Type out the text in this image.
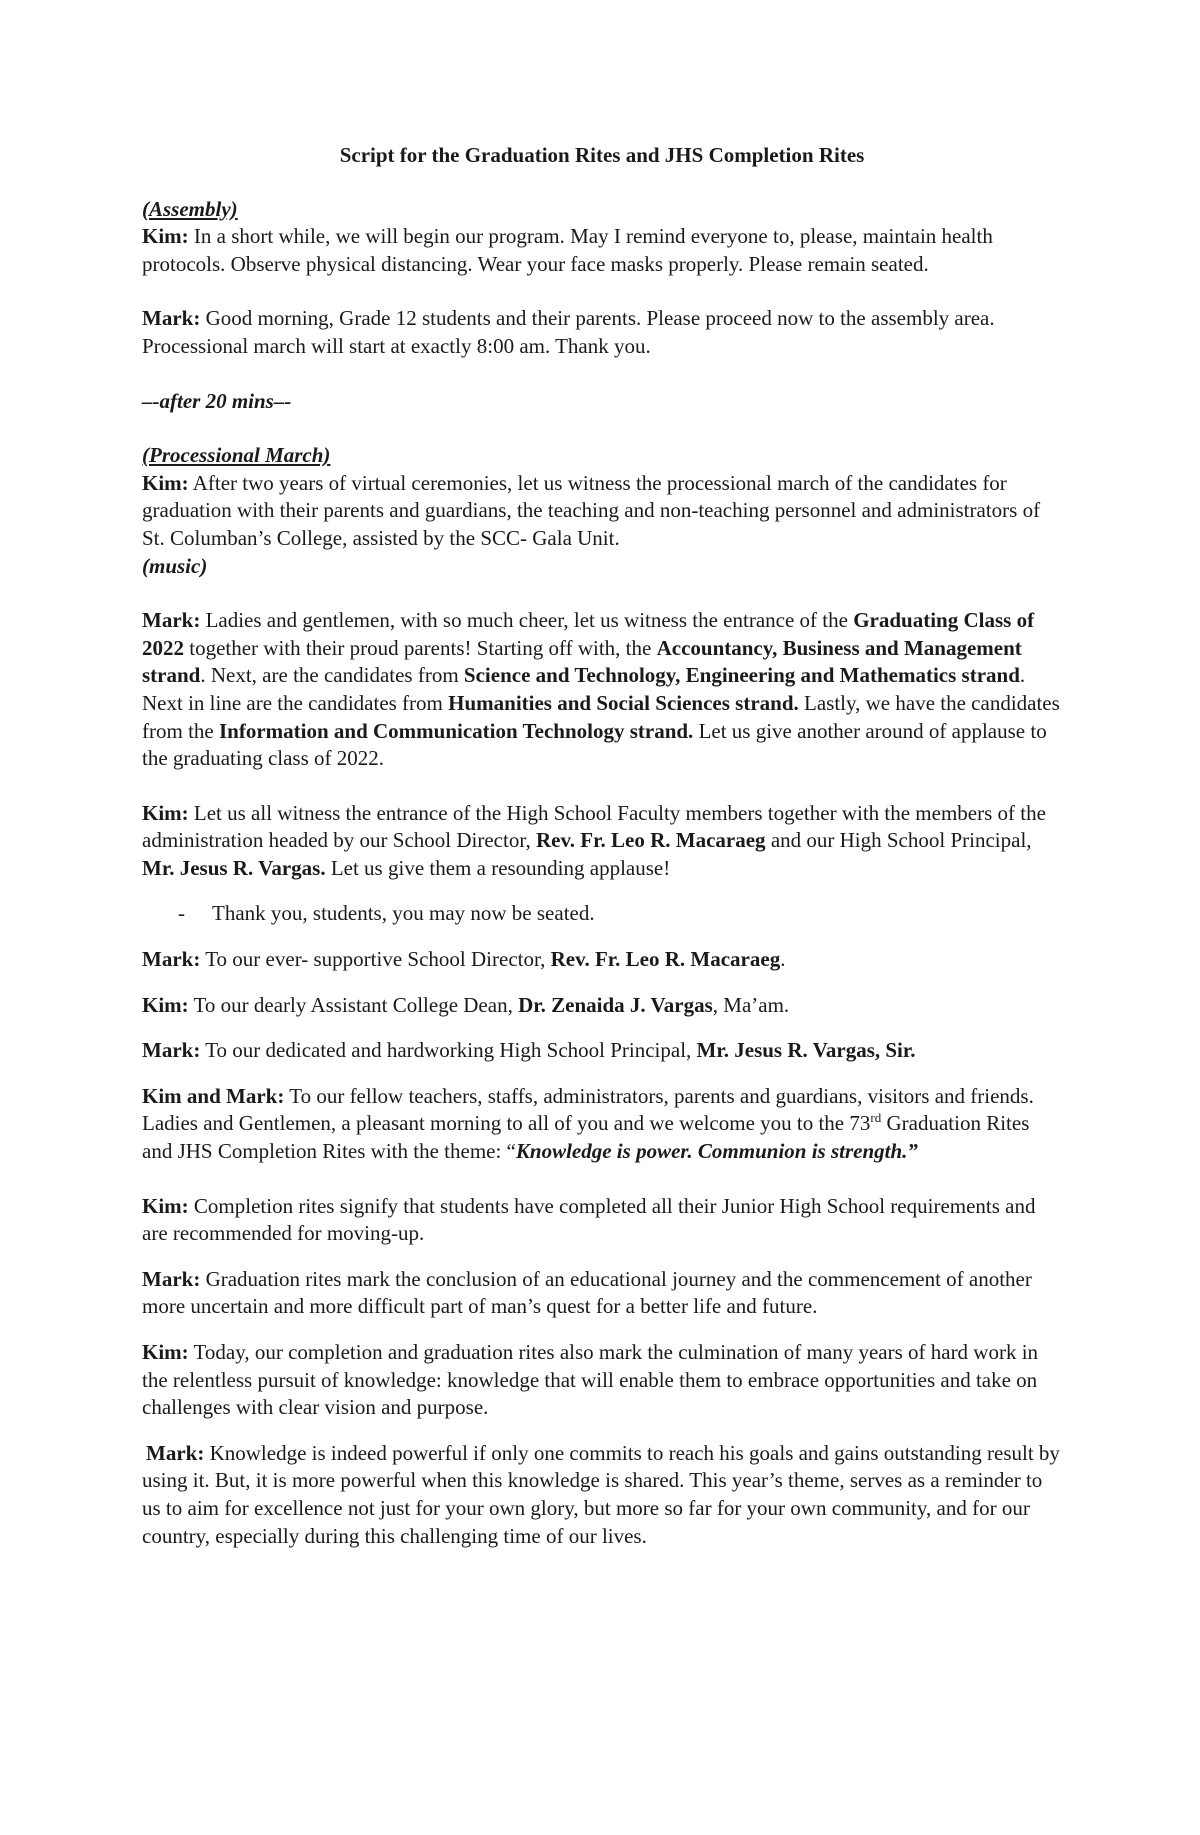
Script for the Graduation Rites and JHS Completion Rites

(Assembly)

Kim: In a short while, we will begin our program. May I remind everyone to, please, maintain health protocols. Observe physical distancing. Wear your face masks properly. Please remain seated.

Mark: Good morning, Grade 12 students and their parents. Please proceed now to the assembly area. Processional march will start at exactly 8:00 am. Thank you.

–-after 20 mins–-

(Processional March)

Kim: After two years of virtual ceremonies, let us witness the processional march of the candidates for graduation with their parents and guardians, the teaching and non-teaching personnel and administrators of St. Columban’s College, assisted by the SCC- Gala Unit.

(music)

Mark: Ladies and gentlemen, with so much cheer, let us witness the entrance of the Graduating Class of 2022 together with their proud parents! Starting off with, the Accountancy, Business and Management strand. Next, are the candidates from Science and Technology, Engineering and Mathematics strand. Next in line are the candidates from Humanities and Social Sciences strand. Lastly, we have the candidates from the Information and Communication Technology strand. Let us give another around of applause to the graduating class of 2022.

Kim: Let us all witness the entrance of the High School Faculty members together with the members of the administration headed by our School Director, Rev. Fr. Leo R. Macaraeg and our High School Principal, Mr. Jesus R. Vargas. Let us give them a resounding applause!

- Thank you, students, you may now be seated.

Mark: To our ever- supportive School Director, Rev. Fr. Leo R. Macaraeg.

Kim: To our dearly Assistant College Dean, Dr. Zenaida J. Vargas, Ma’am.

Mark: To our dedicated and hardworking High School Principal, Mr. Jesus R. Vargas, Sir.

Kim and Mark: To our fellow teachers, staffs, administrators, parents and guardians, visitors and friends. Ladies and Gentlemen, a pleasant morning to all of you and we welcome you to the 73rd Graduation Rites and JHS Completion Rites with the theme: “Knowledge is power. Communion is strength.”

Kim: Completion rites signify that students have completed all their Junior High School requirements and are recommended for moving-up.

Mark: Graduation rites mark the conclusion of an educational journey and the commencement of another more uncertain and more difficult part of man’s quest for a better life and future.

Kim: Today, our completion and graduation rites also mark the culmination of many years of hard work in the relentless pursuit of knowledge: knowledge that will enable them to embrace opportunities and take on challenges with clear vision and purpose.

Mark: Knowledge is indeed powerful if only one commits to reach his goals and gains outstanding result by using it. But, it is more powerful when this knowledge is shared. This year’s theme, serves as a reminder to us to aim for excellence not just for your own glory, but more so far for your own community, and for our country, especially during this challenging time of our lives.
